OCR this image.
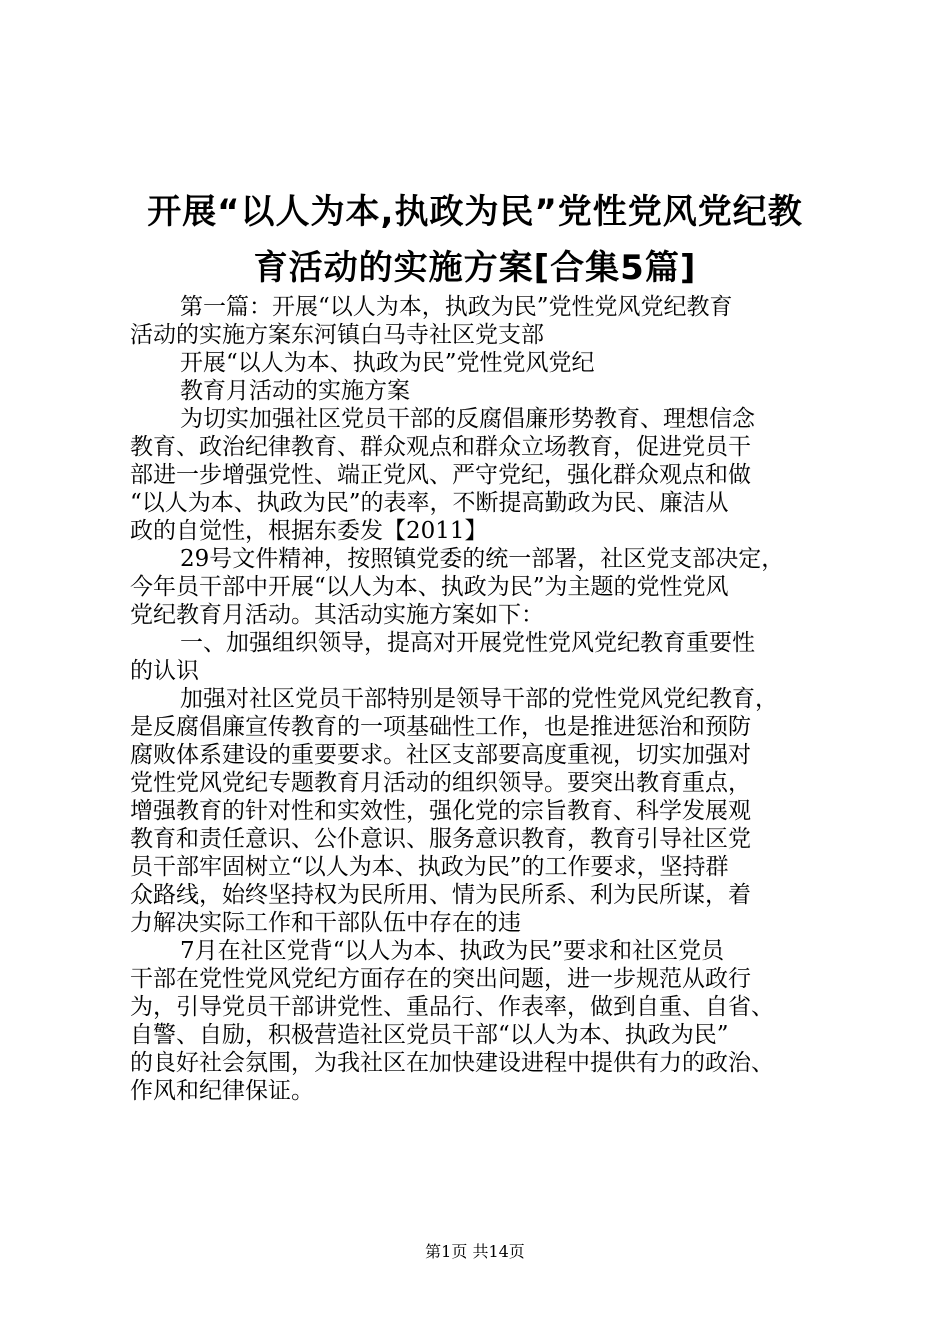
开展“以人为本,执政为民”党性党风党纪教
育活动的实施方案[合集5篇]
第一篇：开展“以人为本，执政为民”党性党风党纪教育
活动的实施方案东河镇白马寺社区党支部
开展“以人为本、执政为民”党性党风党纪
教育月活动的实施方案
为切实加强社区党员干部的反腐倡廉形势教育、理想信念
教育、政治纪律教育、群众观点和群众立场教育，促进党员干
部进一步增强党性、端正党风、严守党纪，强化群众观点和做
“以人为本、执政为民”的表率，不断提高勤政为民、廉洁从
政的自觉性，根据东委发【2011】
29号文件精神，按照镇党委的统一部署，社区党支部决定，
今年员干部中开展“以人为本、执政为民”为主题的党性党风
党纪教育月活动。其活动实施方案如下：
一、加强组织领导，提高对开展党性党风党纪教育重要性
的认识
加强对社区党员干部特别是领导干部的党性党风党纪教育，
是反腐倡廉宣传教育的一项基础性工作，也是推进惩治和预防
腐败体系建设的重要要求。社区支部要高度重视，切实加强对
党性党风党纪专题教育月活动的组织领导。要突出教育重点，
增强教育的针对性和实效性，强化党的宗旨教育、科学发展观
教育和责任意识、公仆意识、服务意识教育，教育引导社区党
员干部牢固树立“以人为本、执政为民”的工作要求，坚持群
众路线，始终坚持权为民所用、情为民所系、利为民所谋，着
力解决实际工作和干部队伍中存在的违
7月在社区党背“以人为本、执政为民”要求和社区党员
干部在党性党风党纪方面存在的突出问题，进一步规范从政行
为，引导党员干部讲党性、重品行、作表率，做到自重、自省、
自警、自励，积极营造社区党员干部“以人为本、执政为民”
的良好社会氛围，为我社区在加快建设进程中提供有力的政治、
作风和纪律保证。
第1页 共14页
